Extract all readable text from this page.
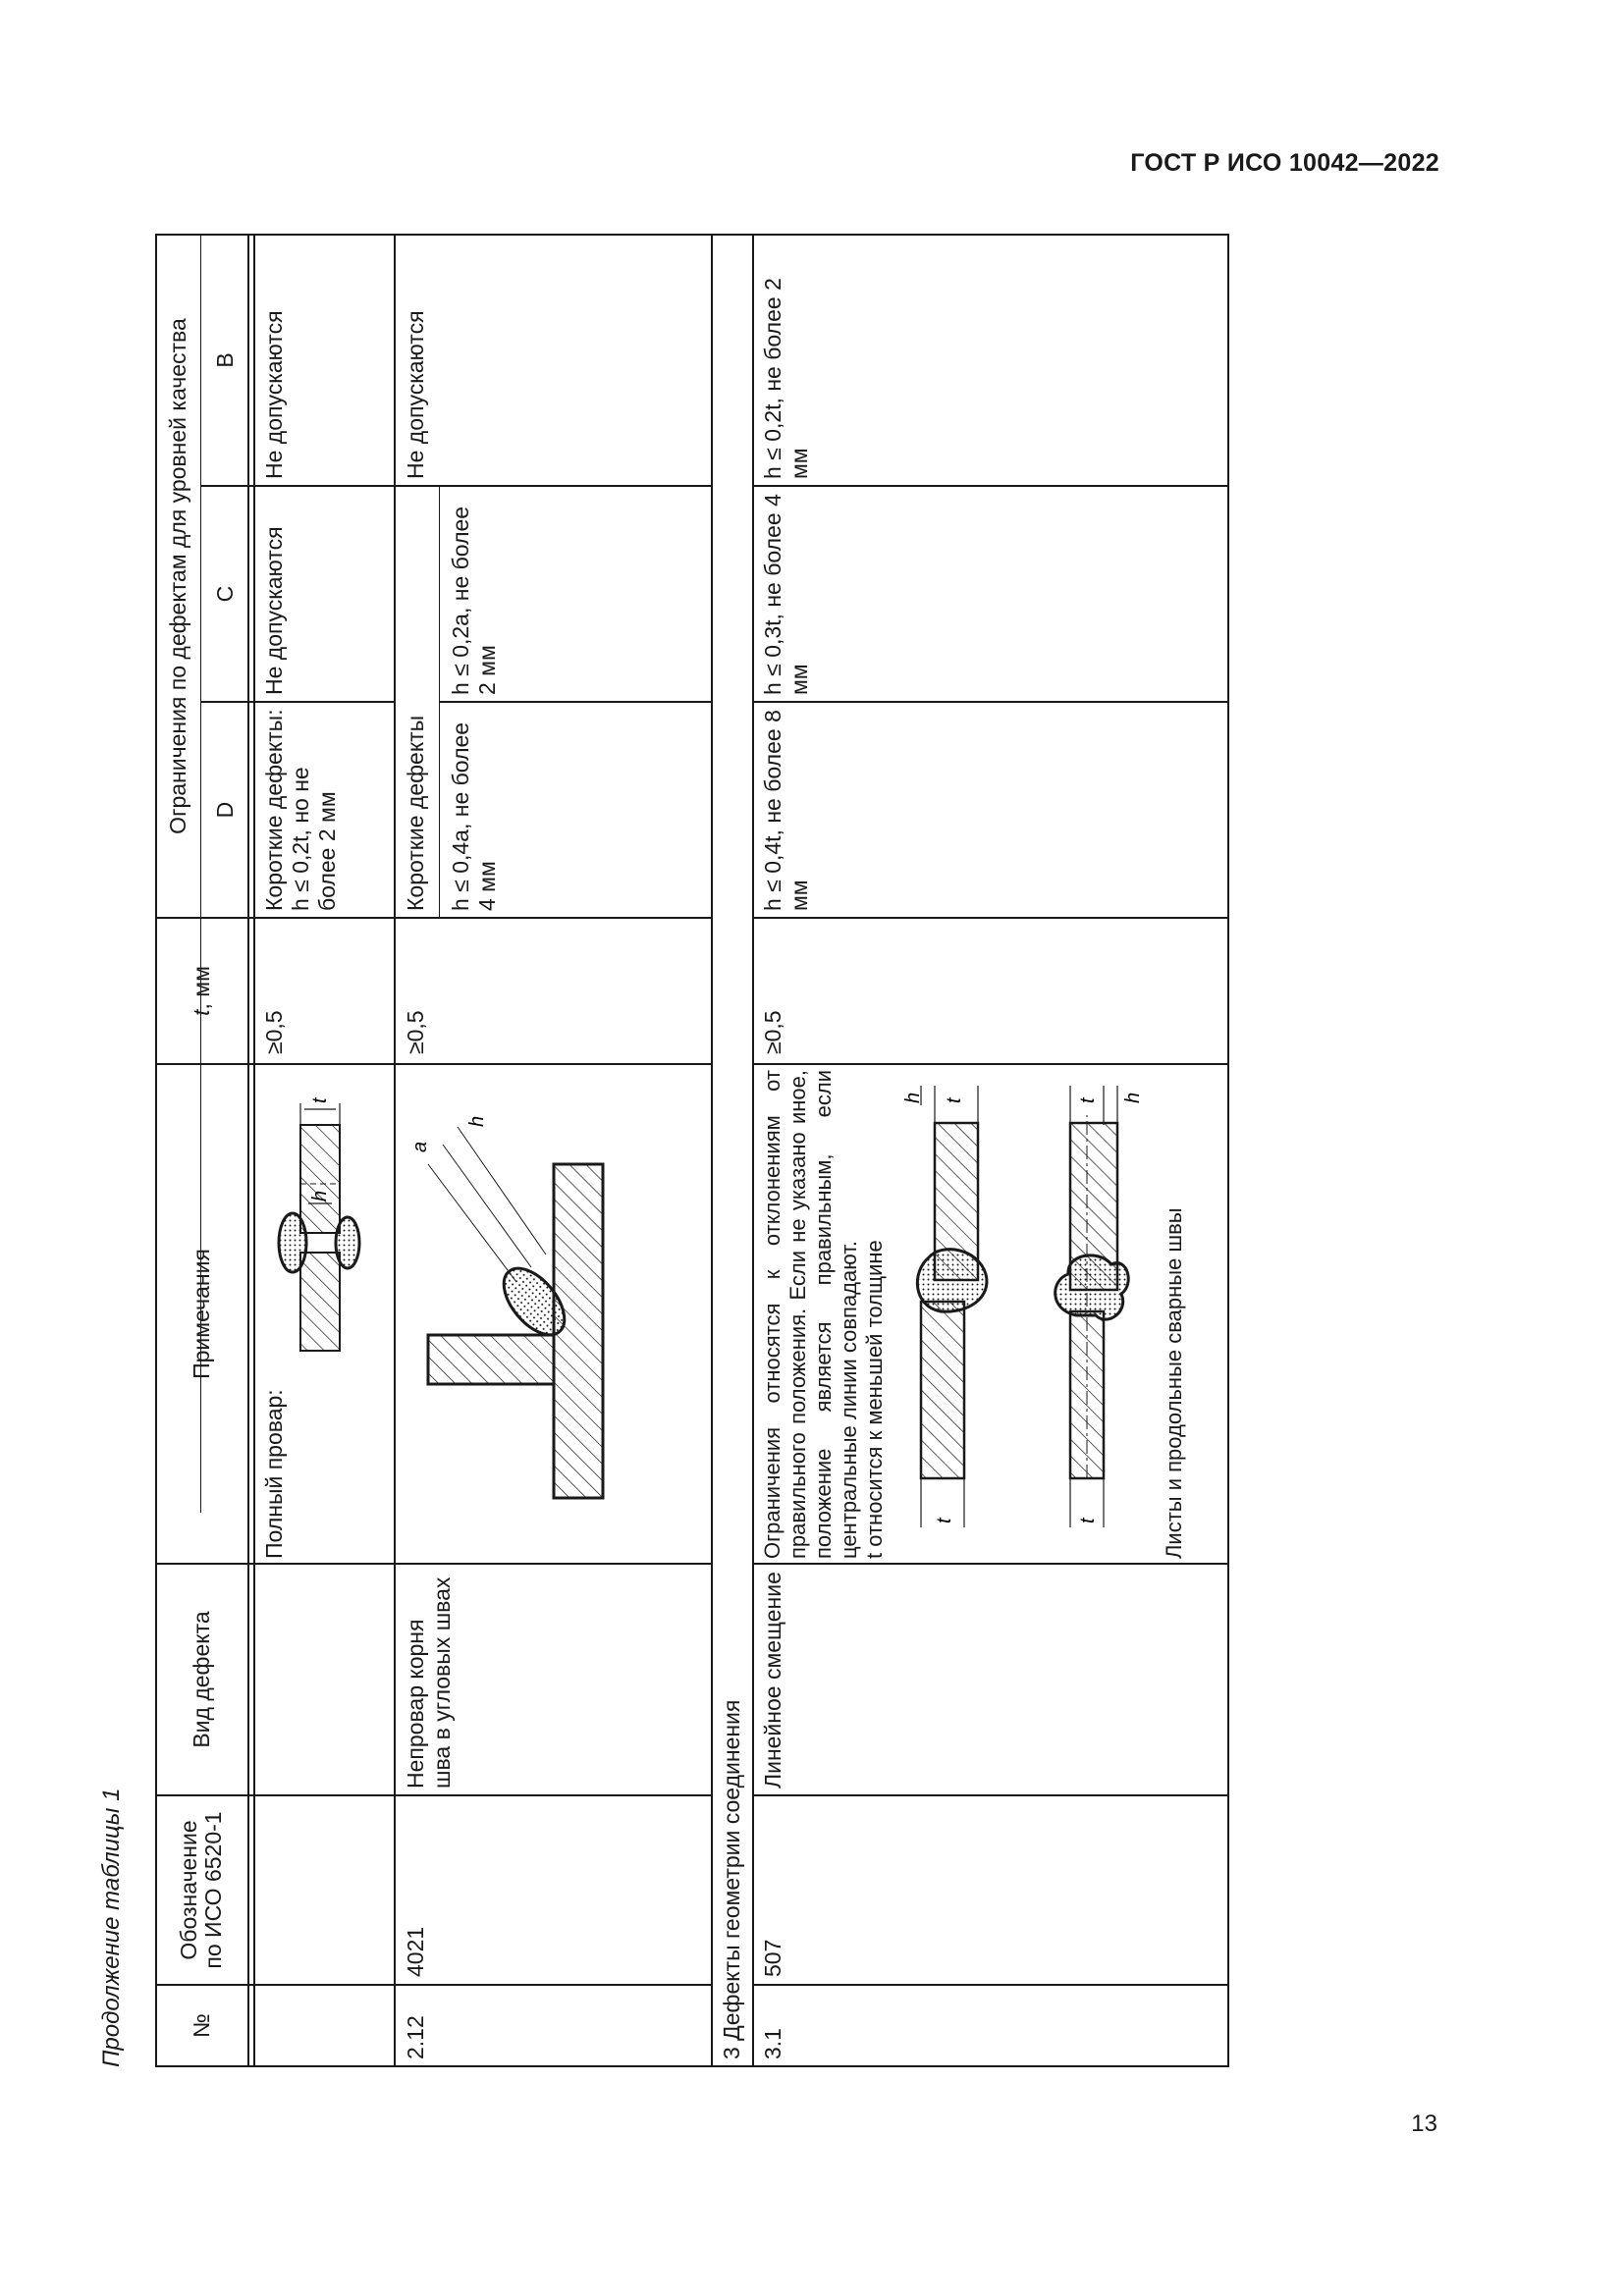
ГОСТ Р ИСО 10042—2022
Продолжение таблицы 1	№
Обозначение по ИСО 6520-1
Вид дефекта
Примечания
t, мм
Ограничения по дефектам для уровней качества D
C
B
Полный провар:
≥0,5
Короткие дефекты: h ≤ 0,2t, но не более 2 мм
Не допускаются
Не допускаются
t
h
2.12
4021
Непровар корня шва в угловых швах
≥0,5
Короткие дефекты h ≤ 0,4a, не более 4 мм
h ≤ 0,2a, не более 2 мм
Не допускаются
a
h
3 Дефекты геометрии соединения 3.1
507
Линейное смещение
Ограничения относятся к отклонениям от правильного положения. Если не указано иное, положение является правильным, если центральные линии совпадают. t относится к меньшей толщине	Листы и продольные сварные швы
≥0,5
h ≤ 0,4t, не более 8 мм
h ≤ 0,3t, не более 4 мм
h ≤ 0,2t, не более 2 мм
t
t
h
t
t h
13
